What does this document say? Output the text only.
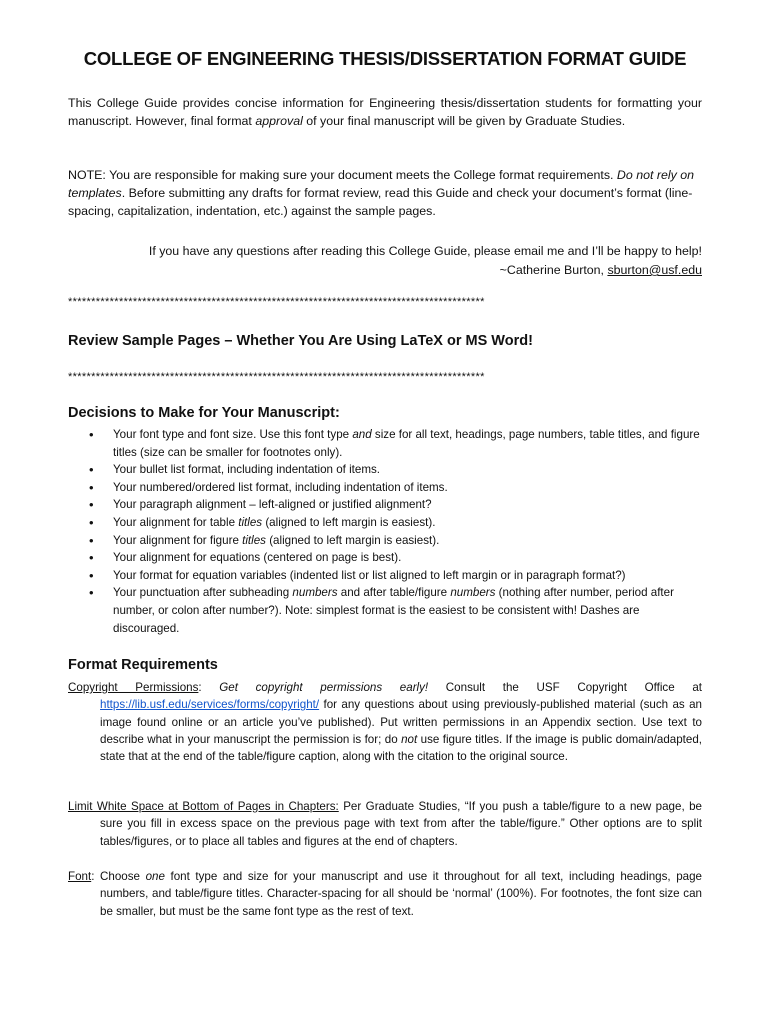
COLLEGE OF ENGINEERING THESIS/DISSERTATION FORMAT GUIDE
This College Guide provides concise information for Engineering thesis/dissertation students for formatting your manuscript. However, final format approval of your final manuscript will be given by Graduate Studies.
NOTE: You are responsible for making sure your document meets the College format requirements. Do not rely on templates. Before submitting any drafts for format review, read this Guide and check your document’s format (line-spacing, capitalization, indentation, etc.) against the sample pages.
If you have any questions after reading this College Guide, please email me and I’ll be happy to help!
~Catherine Burton, sburton@usf.edu
******************************************************************************************
Review Sample Pages – Whether You Are Using LaTeX or MS Word!
******************************************************************************************
Decisions to Make for Your Manuscript:
• Your font type and font size. Use this font type and size for all text, headings, page numbers, table titles, and figure titles (size can be smaller for footnotes only).
• Your bullet list format, including indentation of items.
• Your numbered/ordered list format, including indentation of items.
• Your paragraph alignment – left-aligned or justified alignment?
• Your alignment for table titles (aligned to left margin is easiest).
• Your alignment for figure titles (aligned to left margin is easiest).
• Your alignment for equations (centered on page is best).
• Your format for equation variables (indented list or list aligned to left margin or in paragraph format?)
• Your punctuation after subheading numbers and after table/figure numbers (nothing after number, period after number, or colon after number?). Note: simplest format is the easiest to be consistent with! Dashes are discouraged.
Format Requirements
Copyright Permissions: Get copyright permissions early! Consult the USF Copyright Office at https://lib.usf.edu/services/forms/copyright/ for any questions about using previously-published material (such as an image found online or an article you’ve published). Put written permissions in an Appendix section. Use text to describe what in your manuscript the permission is for; do not use figure titles. If the image is public domain/adapted, state that at the end of the table/figure caption, along with the citation to the original source.
Limit White Space at Bottom of Pages in Chapters: Per Graduate Studies, “If you push a table/figure to a new page, be sure you fill in excess space on the previous page with text from after the table/figure.” Other options are to split tables/figures, or to place all tables and figures at the end of chapters.
Font: Choose one font type and size for your manuscript and use it throughout for all text, including headings, page numbers, and table/figure titles. Character-spacing for all should be ‘normal’ (100%). For footnotes, the font size can be smaller, but must be the same font type as the rest of text.
